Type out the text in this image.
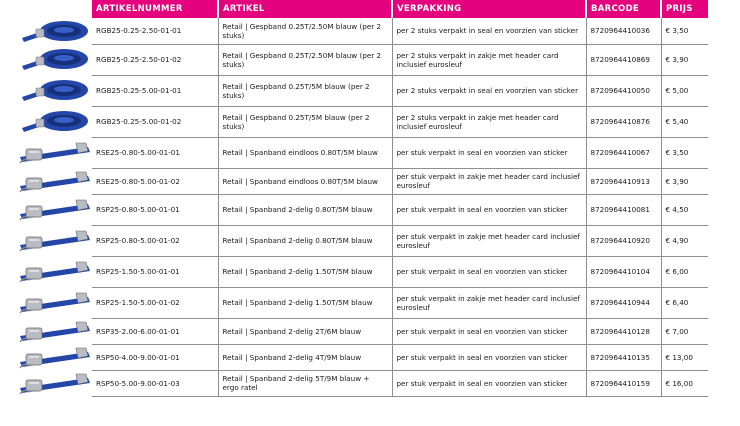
ARTIKELNUMMER	ARTIKEL	VERPAKKING	BARCODE	PRIJS
RGB25-0.25-2.50-01-01	Retail | Gespband 0.25T/2.50M blauw (per 2 stuks)	per 2 stuks verpakt in seal en voorzien van sticker	8720964410036	€ 3,50
RGB25-0.25-2.50-01-02	Retail | Gespband 0.25T/2.50M blauw (per 2 stuks)	per 2 stuks verpakt in zakje met header card inclusief eurosleuf	8720964410869	€ 3,90
RGB25-0.25-5.00-01-01	Retail | Gespband 0.25T/5M blauw (per 2 stuks)	per 2 stuks verpakt in seal en voorzien van sticker	8720964410050	€ 5,00
RGB25-0.25-5.00-01-02	Retail | Gespband 0.25T/5M blauw (per 2 stuks)	per 2 stuks verpakt in zakje met header card inclusief eurosleuf	8720964410876	€ 5,40
RSE25-0.80-5.00-01-01	Retail | Spanband eindloos 0.80T/5M blauw	per stuk verpakt in seal en voorzien van sticker	8720964410067	€ 3,50
RSE25-0.80-5.00-01-02	Retail | Spanband eindloos 0.80T/5M blauw	per stuk verpakt in zakje met header card inclusief eurosleuf	8720964410913	€ 3,90
RSP25-0.80-5.00-01-01	Retail | Spanband 2-delig 0.80T/5M blauw	per stuk verpakt in seal en voorzien van sticker	8720964410081	€ 4,50
RSP25-0.80-5.00-01-02	Retail | Spanband 2-delig 0.80T/5M blauw	per stuk verpakt in zakje met header card inclusief eurosleuf	8720964410920	€ 4,90
RSP25-1.50-5.00-01-01	Retail | Spanband 2-delig 1.50T/5M blauw	per stuk verpakt in seal en voorzien van sticker	8720964410104	€ 6,00
RSP25-1.50-5.00-01-02	Retail | Spanband 2-delig 1.50T/5M blauw	per stuk verpakt in zakje met header card inclusief eurosleuf	8720964410944	€ 6,40
RSP35-2.00-6.00-01-01	Retail | Spanband 2-delig 2T/6M blauw	per stuk verpakt in seal en voorzien van sticker	8720964410128	€ 7,00
RSP50-4.00-9.00-01-01	Retail | Spanband 2-delig 4T/9M blauw	per stuk verpakt in seal en voorzien van sticker	8720964410135	€ 13,00
RSP50-5.00-9.00-01-03	Retail | Spanband 2-delig 5T/9M blauw + ergo ratel	per stuk verpakt in seal en voorzien van sticker	8720964410159	€ 16,00
